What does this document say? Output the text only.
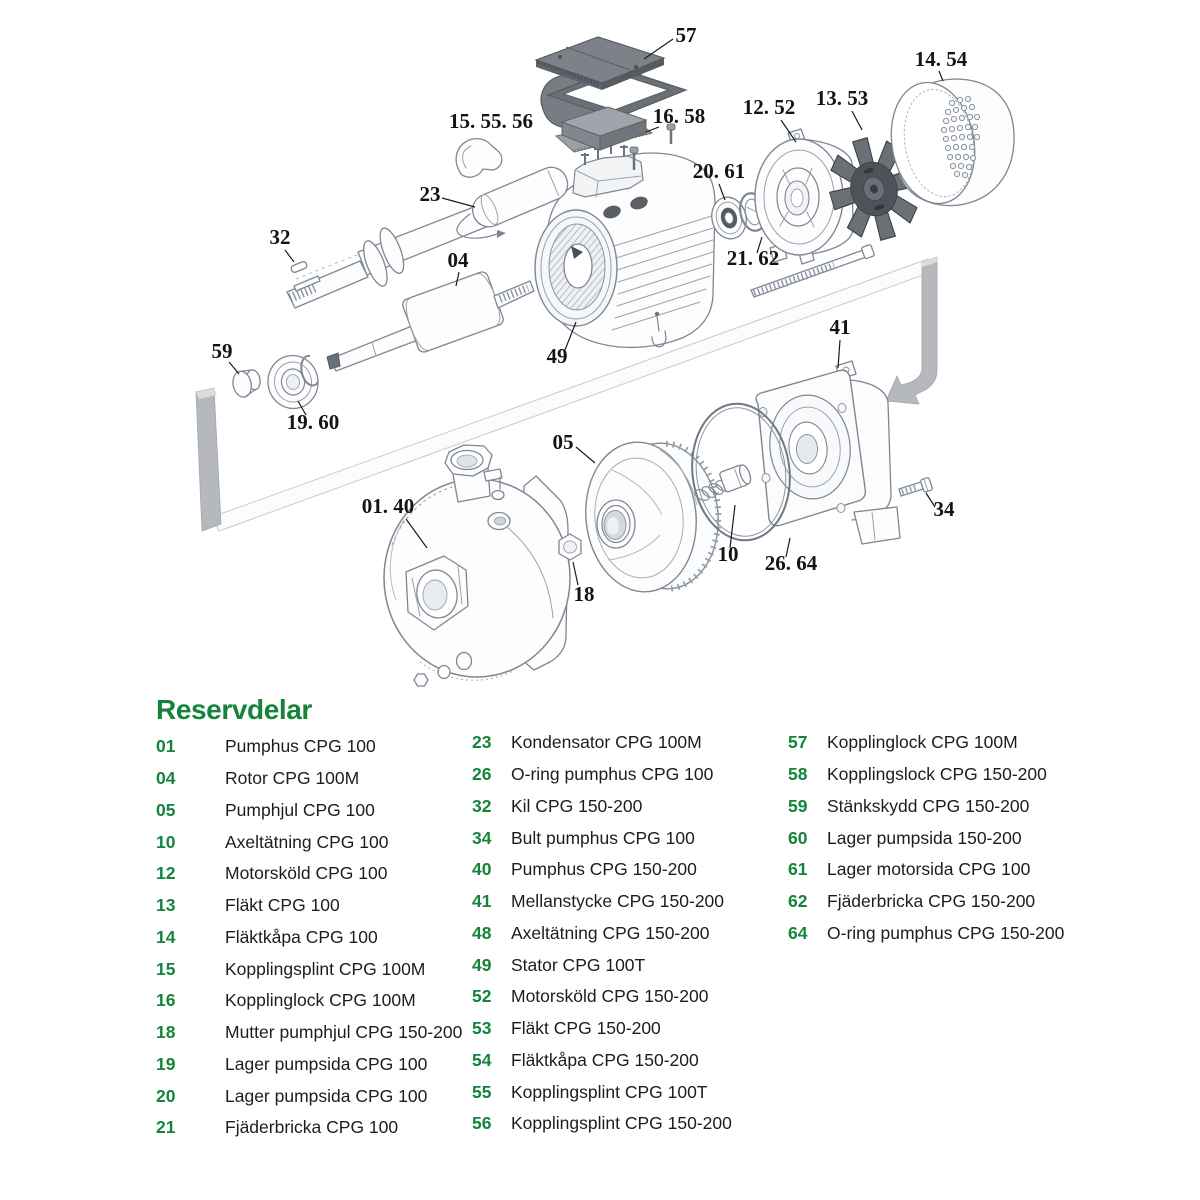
57
14. 54
12. 52 13. 53
16. 58
15. 55. 56
20. 61
23
32
04	21. 62
49
41
59
19. 60
05
01. 40
10 26. 64
34
18
Reservdelar
01	Pumphus CPG 100
04	Rotor CPG 100M
05	Pumphjul CPG 100
10	Axeltätning CPG 100
12	Motorsköld CPG 100
13	Fläkt CPG 100
14	Fläktkåpa CPG 100
15	Kopplingsplint CPG 100M
16	Kopplinglock CPG 100M
18	Mutter pumphjul CPG 150-200
19	Lager pumpsida CPG 100
20	Lager pumpsida CPG 100
21	Fjäderbricka CPG 100
23	Kondensator CPG 100M
26	O-ring pumphus CPG 100
32	Kil CPG 150-200
34	Bult pumphus CPG 100
40	Pumphus CPG 150-200
41	Mellanstycke CPG 150-200
48	Axeltätning CPG 150-200
49	Stator CPG 100T
52	Motorsköld CPG 150-200
53	Fläkt CPG 150-200
54	Fläktkåpa CPG 150-200
55	Kopplingsplint CPG 100T
56	Kopplingsplint CPG 150-200
57	Kopplinglock CPG 100M
58	Kopplingslock CPG 150-200
59	Stänkskydd CPG 150-200
60	Lager pumpsida 150-200
61	Lager motorsida CPG 100
62	Fjäderbricka CPG 150-200
64	O-ring pumphus CPG 150-200
